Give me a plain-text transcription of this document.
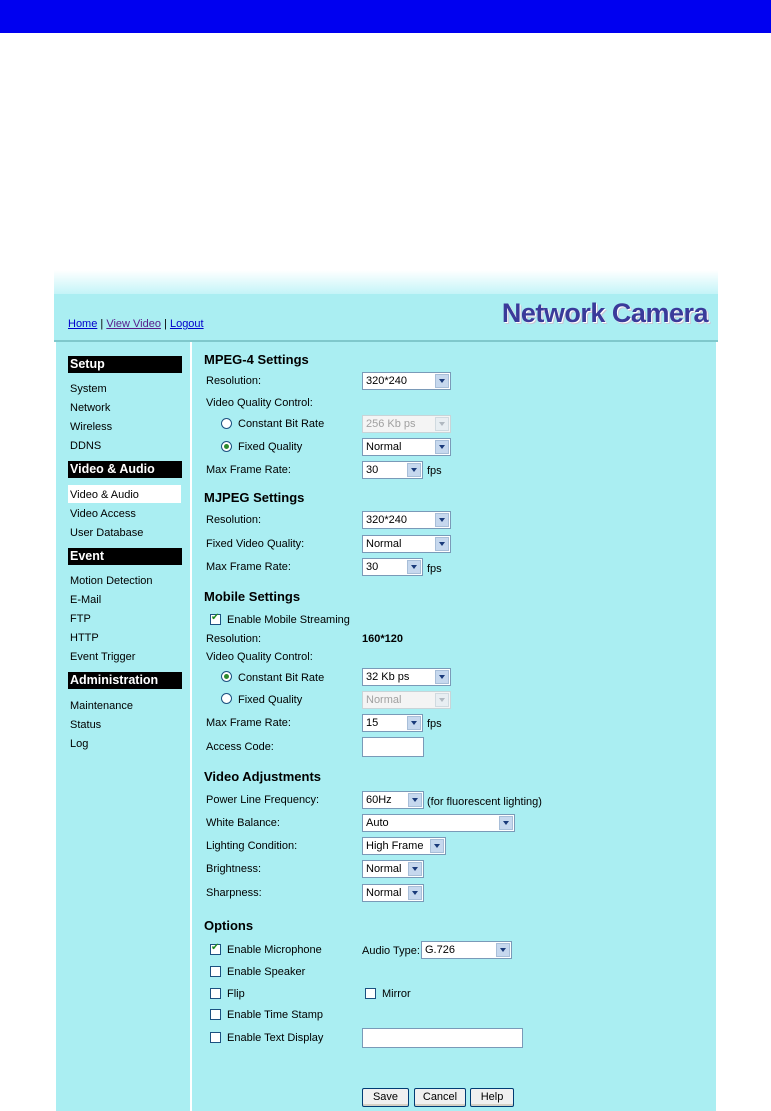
Home | View Video | Logout	Network Camera
Setup
System
Network
Wireless
DDNS
Video & Audio
Video & Audio
Video Access
User Database
Event
Motion Detection
E-Mail
FTP
HTTP
Event Trigger
Administration
Maintenance
Status
Log
MPEG-4 Settings
Resolution:	320*240
Video Quality Control:
Constant Bit Rate	256 Kb ps
Fixed Quality	Normal
Max Frame Rate:	30	fps
MJPEG Settings
Resolution:	320*240
Fixed Video Quality:	Normal
Max Frame Rate:	30	fps
Mobile Settings
✔
Enable Mobile Streaming
Resolution:	160*120
Video Quality Control:
Constant Bit Rate	32 Kb ps
Fixed Quality	Normal
Max Frame Rate:	15	fps
Access Code:
Video Adjustments
Power Line Frequency:	60Hz	(for fluorescent lighting)
White Balance:	Auto
Lighting Condition:	High Frame
Brightness:	Normal
Sharpness:	Normal
Options
✔
Enable Microphone	Audio Type: G.726
Enable Speaker
Flip	Mirror
Enable Time Stamp
Enable Text Display
Save	Cancel	Help
